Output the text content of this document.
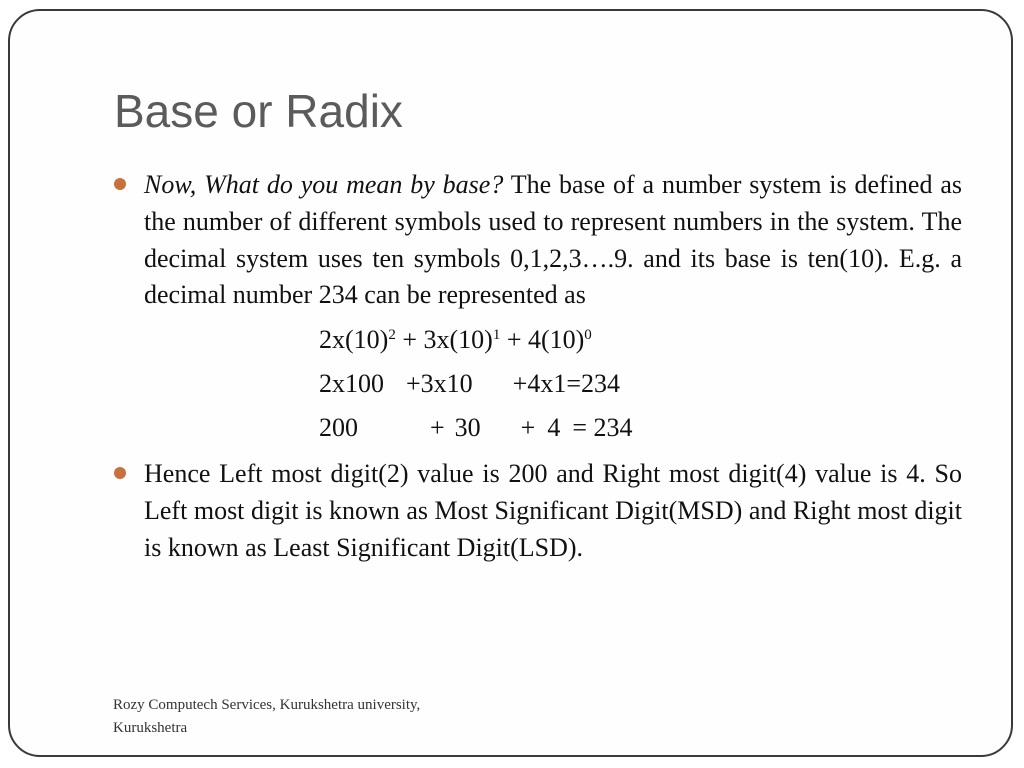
Base or Radix

Now, What do you mean by base? The base of a number system is defined as the number of different symbols used to represent numbers in the system. The decimal system uses ten symbols 0,1,2,3….9. and its base is ten(10). E.g. a decimal number 234 can be represented as

$2x(10)^2 + 3x(10)^1 + 4(10)^0$
2x100 +3x10 +4x1=234
200	+ 30 + 4 = 234

Hence Left most digit(2) value is 200 and Right most digit(4) value is 4. So Left most digit is known as Most Significant Digit(MSD) and Right most digit is known as Least Significant Digit(LSD).

Rozy Computech Services, Kurukshetra university,
Kurukshetra
